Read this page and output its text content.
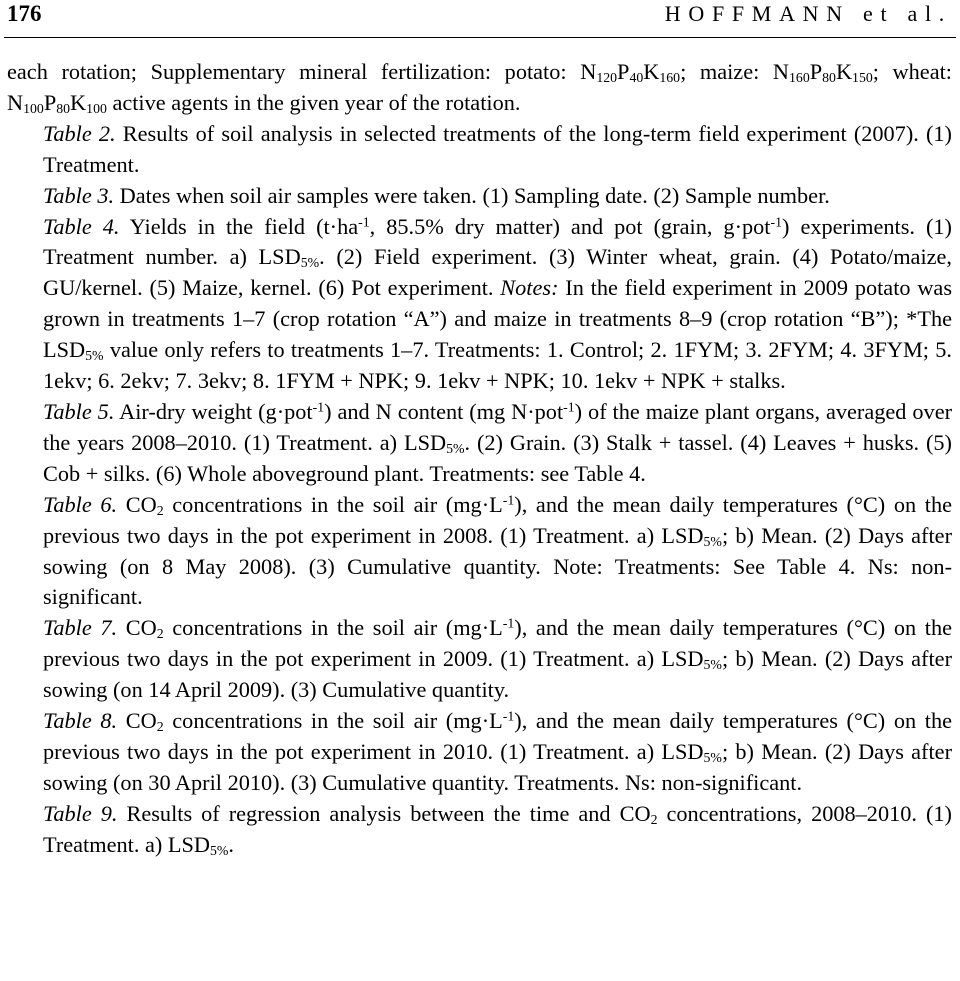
176	HOFFMANN et al.

each rotation; Supplementary mineral fertilization: potato: $N_{120}P_{40}K_{160}$; maize: $N_{160}P_{80}K_{150}$; wheat: $N_{100}P_{80}K_{100}$ active agents in the given year of the rotation.

Table 2. Results of soil analysis in selected treatments of the long-term field experiment (2007). (1) Treatment.

Table 3. Dates when soil air samples were taken. (1) Sampling date. (2) Sample number.

Table 4. Yields in the field ($t\cdot ha^{-1}$, 85.5% dry matter) and pot (grain, g·pot$^{-1}$) experiments. (1) Treatment number. a) $LSD_{5\%}$. (2) Field experiment. (3) Winter wheat, grain. (4) Potato/maize, GU/kernel. (5) Maize, kernel. (6) Pot experiment. Notes: In the field experiment in 2009 potato was grown in treatments 1–7 (crop rotation “A”) and maize in treatments 8–9 (crop rotation “B”); *The $LSD_{5\%}$ value only refers to treatments 1–7. Treatments: 1. Control; 2. 1FYM; 3. 2FYM; 4. 3FYM; 5. 1ekv; 6. 2ekv; 7. 3ekv; 8. 1FYM + NPK; 9. 1ekv + NPK; 10. 1ekv + NPK + stalks.

Table 5. Air-dry weight (g·pot$^{-1}$) and N content (mg N·pot$^{-1}$) of the maize plant organs, averaged over the years 2008–2010. (1) Treatment. a) $LSD_{5\%}$. (2) Grain. (3) Stalk + tassel. (4) Leaves + husks. (5) Cob + silks. (6) Whole aboveground plant. Treatments: see Table 4.

Table 6. $CO_2$ concentrations in the soil air $(mg\cdot L^{-1})$, and the mean daily temperatures (°C) on the previous two days in the pot experiment in 2008. (1) Treatment. a) $LSD_{5\%}$; b) Mean. (2) Days after sowing (on 8 May 2008). (3) Cumulative quantity. Note: Treatments: See Table 4. Ns: non-significant.

Table 7. $CO_2$ concentrations in the soil air $(mg\cdot L^{-1})$, and the mean daily temperatures (°C) on the previous two days in the pot experiment in 2009. (1) Treatment. a) $LSD_{5\%}$; b) Mean. (2) Days after sowing (on 14 April 2009). (3) Cumulative quantity.

Table 8. $CO_2$ concentrations in the soil air $(mg\cdot L^{-1})$, and the mean daily temperatures (°C) on the previous two days in the pot experiment in 2010. (1) Treatment. a) $LSD_{5\%}$; b) Mean. (2) Days after sowing (on 30 April 2010). (3) Cumulative quantity. Treatments. Ns: non-significant.

Table 9. Results of regression analysis between the time and $CO_2$ concentrations, 2008–2010. (1) Treatment. a) $LSD_{5\%}$.
